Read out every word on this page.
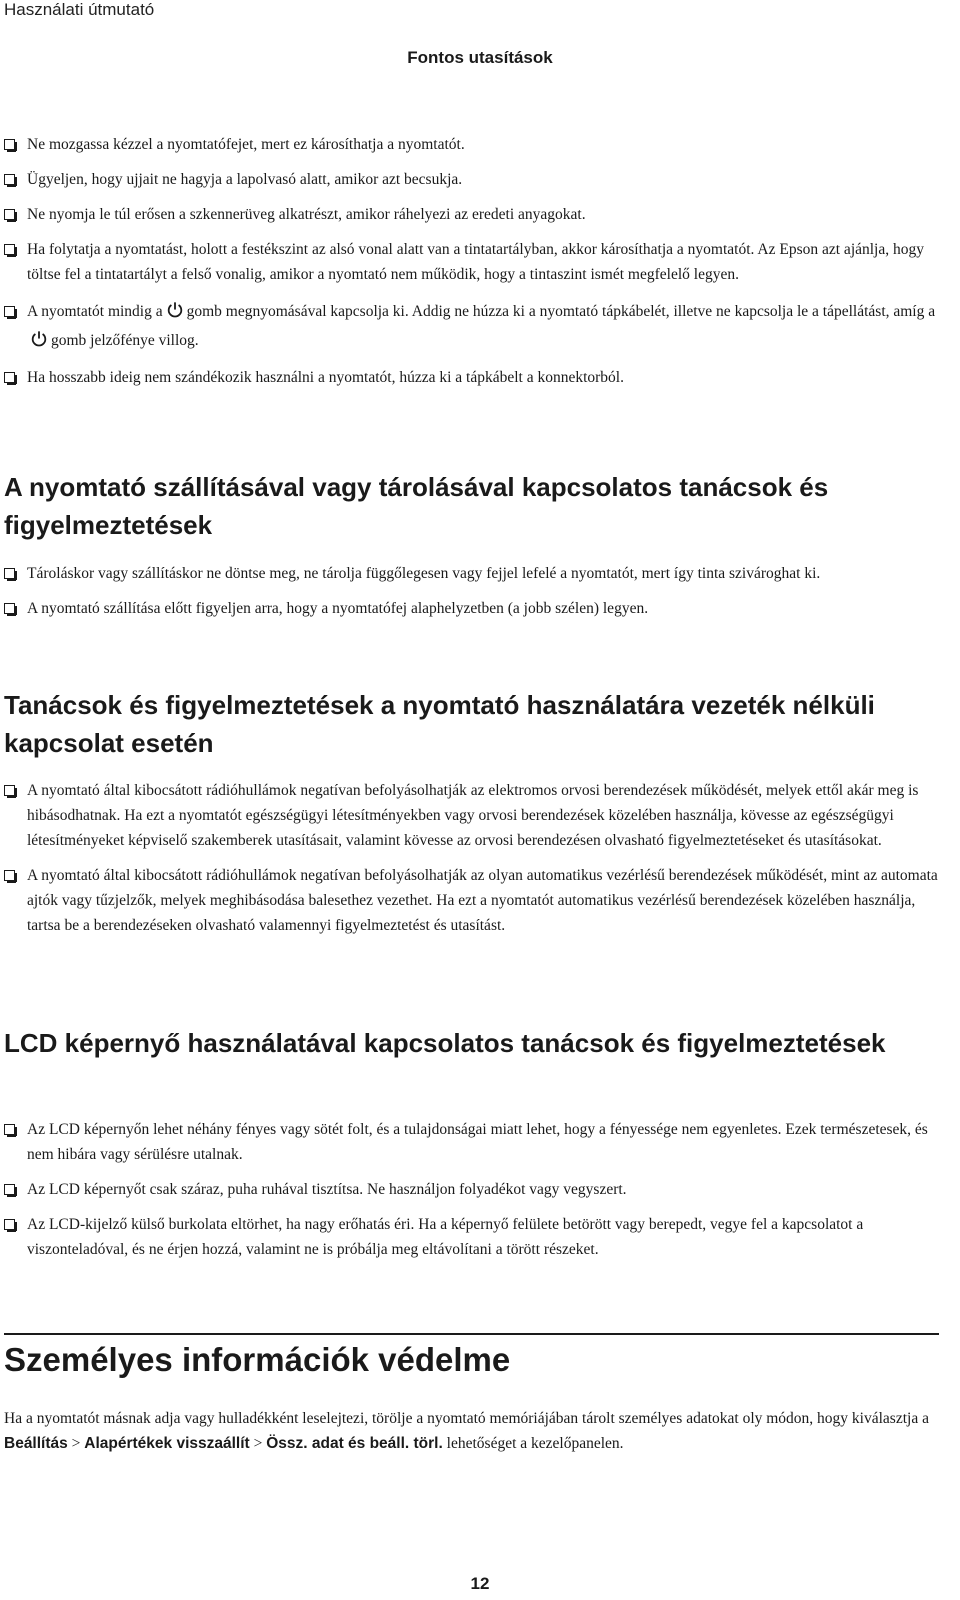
Használati útmutató
Fontos utasítások
Ne mozgassa kézzel a nyomtatófejet, mert ez károsíthatja a nyomtatót.
Ügyeljen, hogy ujjait ne hagyja a lapolvasó alatt, amikor azt becsukja.
Ne nyomja le túl erősen a szkennerüveg alkatrészt, amikor ráhelyezi az eredeti anyagokat.
Ha folytatja a nyomtatást, holott a festékszint az alsó vonal alatt van a tintatartályban, akkor károsíthatja a nyomtatót. Az Epson azt ajánlja, hogy töltse fel a tintatartályt a felső vonalig, amikor a nyomtató nem működik, hogy a tintaszint ismét megfelelő legyen.
A nyomtatót mindig a gomb megnyomásával kapcsolja ki. Addig ne húzza ki a nyomtató tápkábelét, illetve ne kapcsolja le a tápellátást, amíg agomb jelzőfénye villog.
Ha hosszabb ideig nem szándékozik használni a nyomtatót, húzza ki a tápkábelt a konnektorból.
A nyomtató szállításával vagy tárolásával kapcsolatos tanácsok és figyelmeztetések
Tároláskor vagy szállításkor ne döntse meg, ne tárolja függőlegesen vagy fejjel lefelé a nyomtatót, mert így tinta szivároghat ki.
A nyomtató szállítása előtt figyeljen arra, hogy a nyomtatófej alaphelyzetben (a jobb szélen) legyen.
Tanácsok és figyelmeztetések a nyomtató használatára vezeték nélküli kapcsolat esetén
A nyomtató által kibocsátott rádióhullámok negatívan befolyásolhatják az elektromos orvosi berendezések működését, melyek ettől akár meg is hibásodhatnak. Ha ezt a nyomtatót egészségügyi létesítményekben vagy orvosi berendezések közelében használja, kövesse az egészségügyi létesítményeket képviselő szakemberek utasításait, valamint kövesse az orvosi berendezésen olvasható figyelmeztetéseket és utasításokat.
A nyomtató által kibocsátott rádióhullámok negatívan befolyásolhatják az olyan automatikus vezérlésű berendezések működését, mint az automata ajtók vagy tűzjelzők, melyek meghibásodása balesethez vezethet. Ha ezt a nyomtatót automatikus vezérlésű berendezések közelében használja, tartsa be a berendezéseken olvasható valamennyi figyelmeztetést és utasítást.
LCD képernyő használatával kapcsolatos tanácsok és figyelmeztetések
Az LCD képernyőn lehet néhány fényes vagy sötét folt, és a tulajdonságai miatt lehet, hogy a fényessége nem egyenletes. Ezek természetesek, és nem hibára vagy sérülésre utalnak.
Az LCD képernyőt csak száraz, puha ruhával tisztítsa. Ne használjon folyadékot vagy vegyszert.
Az LCD-kijelző külső burkolata eltörhet, ha nagy erőhatás éri. Ha a képernyő felülete betörött vagy berepedt, vegye fel a kapcsolatot a viszonteladóval, és ne érjen hozzá, valamint ne is próbálja meg eltávolítani a törött részeket.
Személyes információk védelme

Ha a nyomtatót másnak adja vagy hulladékként leselejtezi, törölje a nyomtató memóriájában tárolt személyes adatokat oly módon, hogy kiválasztja a Beállítás > Alapértékek visszaállít > Össz. adat és beáll. törl. lehetőséget a kezelőpanelen.

12
